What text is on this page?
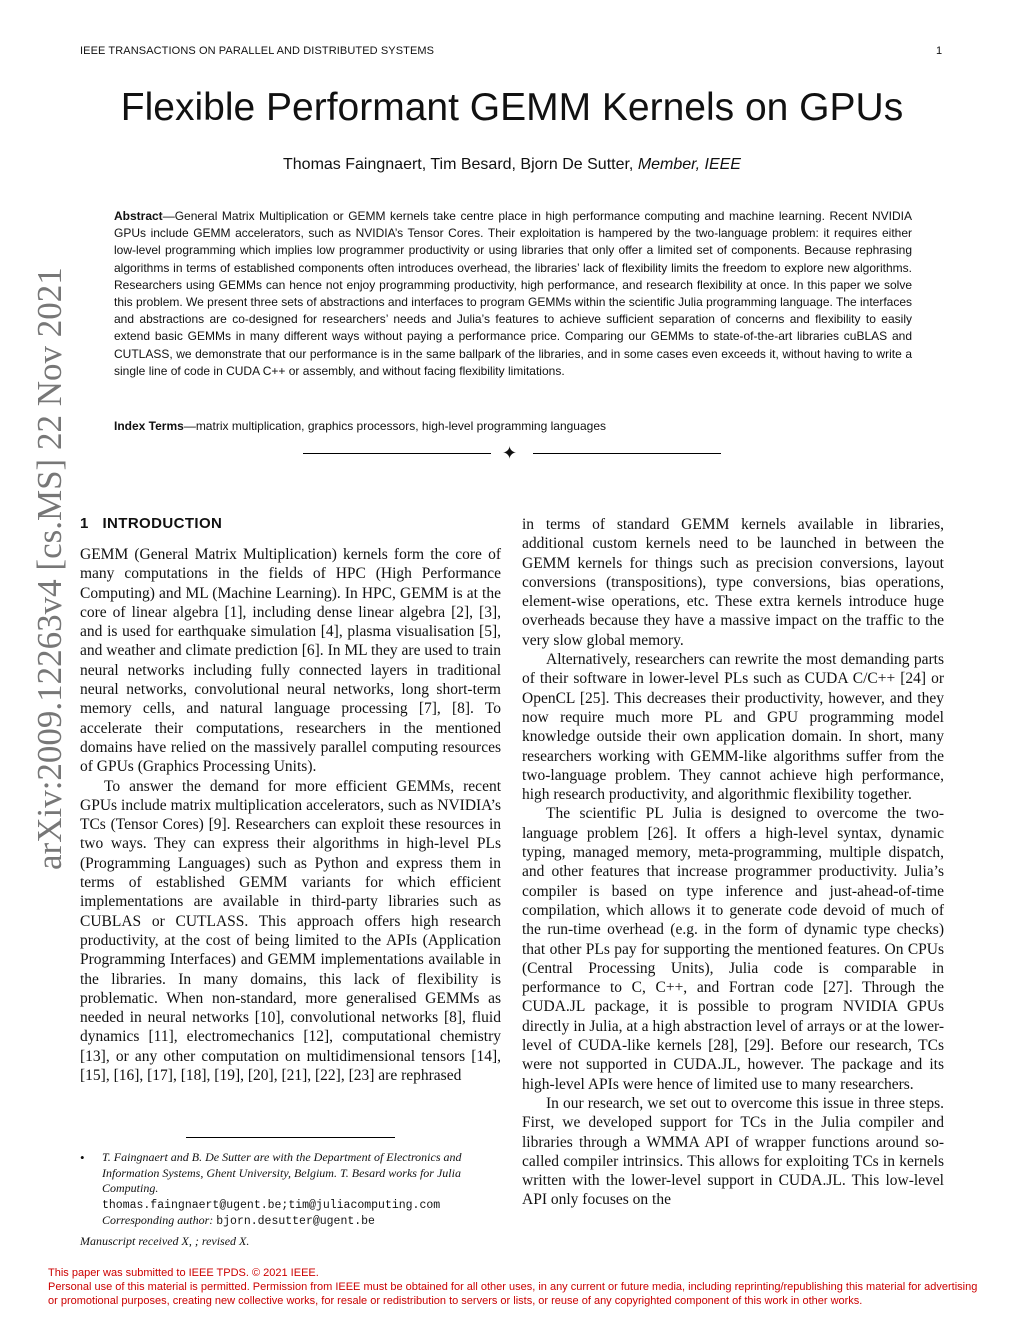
IEEE TRANSACTIONS ON PARALLEL AND DISTRIBUTED SYSTEMS	1
Flexible Performant GEMM Kernels on GPUs
Thomas Faingnaert, Tim Besard, Bjorn De Sutter, Member, IEEE
Abstract—General Matrix Multiplication or GEMM kernels take centre place in high performance computing and machine learning. Recent NVIDIA GPUs include GEMM accelerators, such as NVIDIA’s Tensor Cores. Their exploitation is hampered by the two-language problem: it requires either low-level programming which implies low programmer productivity or using libraries that only offer a limited set of components. Because rephrasing algorithms in terms of established components often introduces overhead, the libraries’ lack of flexibility limits the freedom to explore new algorithms. Researchers using GEMMs can hence not enjoy programming productivity, high performance, and research flexibility at once. In this paper we solve this problem. We present three sets of abstractions and interfaces to program GEMMs within the scientific Julia programming language. The interfaces and abstractions are co-designed for researchers’ needs and Julia’s features to achieve sufficient separation of concerns and flexibility to easily extend basic GEMMs in many different ways without paying a performance price. Comparing our GEMMs to state-of-the-art libraries cuBLAS and CUTLASS, we demonstrate that our performance is in the same ballpark of the libraries, and in some cases even exceeds it, without having to write a single line of code in CUDA C++ or assembly, and without facing flexibility limitations.
Index Terms—matrix multiplication, graphics processors, high-level programming languages
✦
arXiv:2009.12263v4 [cs.MS] 22 Nov 2021 1 INTRODUCTION

GEMM (General Matrix Multiplication) kernels form the core of many computations in the fields of HPC (High Performance Computing) and ML (Machine Learning). In HPC, GEMM is at the core of linear algebra [1], including dense linear algebra [2], [3], and is used for earthquake simulation [4], plasma visualisation [5], and weather and climate prediction [6]. In ML they are used to train neural networks including fully connected layers in traditional neural networks, convolutional neural networks, long short-term memory cells, and natural language processing [7], [8]. To accelerate their computations, researchers in the mentioned domains have relied on the massively parallel computing resources of GPUs (Graphics Processing Units).

To answer the demand for more efficient GEMMs, recent GPUs include matrix multiplication accelerators, such as NVIDIA’s TCs (Tensor Cores) [9]. Researchers can exploit these resources in two ways. They can express their algorithms in high-level PLs (Programming Languages) such as Python and express them in terms of established GEMM variants for which efficient implementations are available in third-party libraries such as CUBLAS or CUTLASS. This approach offers high research productivity, at the cost of being limited to the APIs (Application Programming Interfaces) and GEMM implementations available in the libraries. In many domains, this lack of flexibility is problematic. When non-standard, more generalised GEMMs as needed in neural networks [10], convolutional networks [8], fluid dynamics [11], electromechanics [12], computational chemistry [13], or any other computation on multidimensional tensors [14], [15], [16], [17], [18], [19], [20], [21], [22], [23] are rephrased

in terms of standard GEMM kernels available in libraries, additional custom kernels need to be launched in between the GEMM kernels for things such as precision conversions, layout conversions (transpositions), type conversions, bias operations, element-wise operations, etc. These extra kernels introduce huge overheads because they have a massive impact on the traffic to the very slow global memory.

Alternatively, researchers can rewrite the most demanding parts of their software in lower-level PLs such as CUDA C/C++ [24] or OpenCL [25]. This decreases their productivity, however, and they now require much more PL and GPU programming model knowledge outside their own application domain. In short, many researchers working with GEMM-like algorithms suffer from the two-language problem. They cannot achieve high performance, high research productivity, and algorithmic flexibility together.

The scientific PL Julia is designed to overcome the two-language problem [26]. It offers a high-level syntax, dynamic typing, managed memory, meta-programming, multiple dispatch, and other features that increase programmer productivity. Julia’s compiler is based on type inference and just-ahead-of-time compilation, which allows it to generate code devoid of much of the run-time overhead (e.g. in the form of dynamic type checks) that other PLs pay for supporting the mentioned features. On CPUs (Central Processing Units), Julia code is comparable in performance to C, C++, and Fortran code [27]. Through the CUDA.JL package, it is possible to program NVIDIA GPUs directly in Julia, at a high abstraction level of arrays or at the lower-level of CUDA-like kernels [28], [29]. Before our research, TCs were not supported in CUDA.JL, however. The package and its high-level APIs were hence of limited use to many researchers.

In our research, we set out to overcome this issue in three steps. First, we developed support for TCs in the Julia compiler and libraries through a WMMA API of wrapper functions around so-called compiler intrinsics. This allows for exploiting TCs in kernels written with the lower-level support in CUDA.JL. This low-level API only focuses on the

• T. Faingnaert and B. De Sutter are with the Department of Electronics and Information Systems, Ghent University, Belgium. T. Besard works for Julia Computing.
thomas.faingnaert@ugent.be;tim@juliacomputing.com
Corresponding author: bjorn.desutter@ugent.be
Manuscript received X, ; revised X.
This paper was submitted to IEEE TPDS. © 2021 IEEE.
Personal use of this material is permitted. Permission from IEEE must be obtained for all other uses, in any current or future media, including reprinting/republishing this material for advertising or promotional purposes, creating new collective works, for resale or redistribution to servers or lists, or reuse of any copyrighted component of this work in other works.
